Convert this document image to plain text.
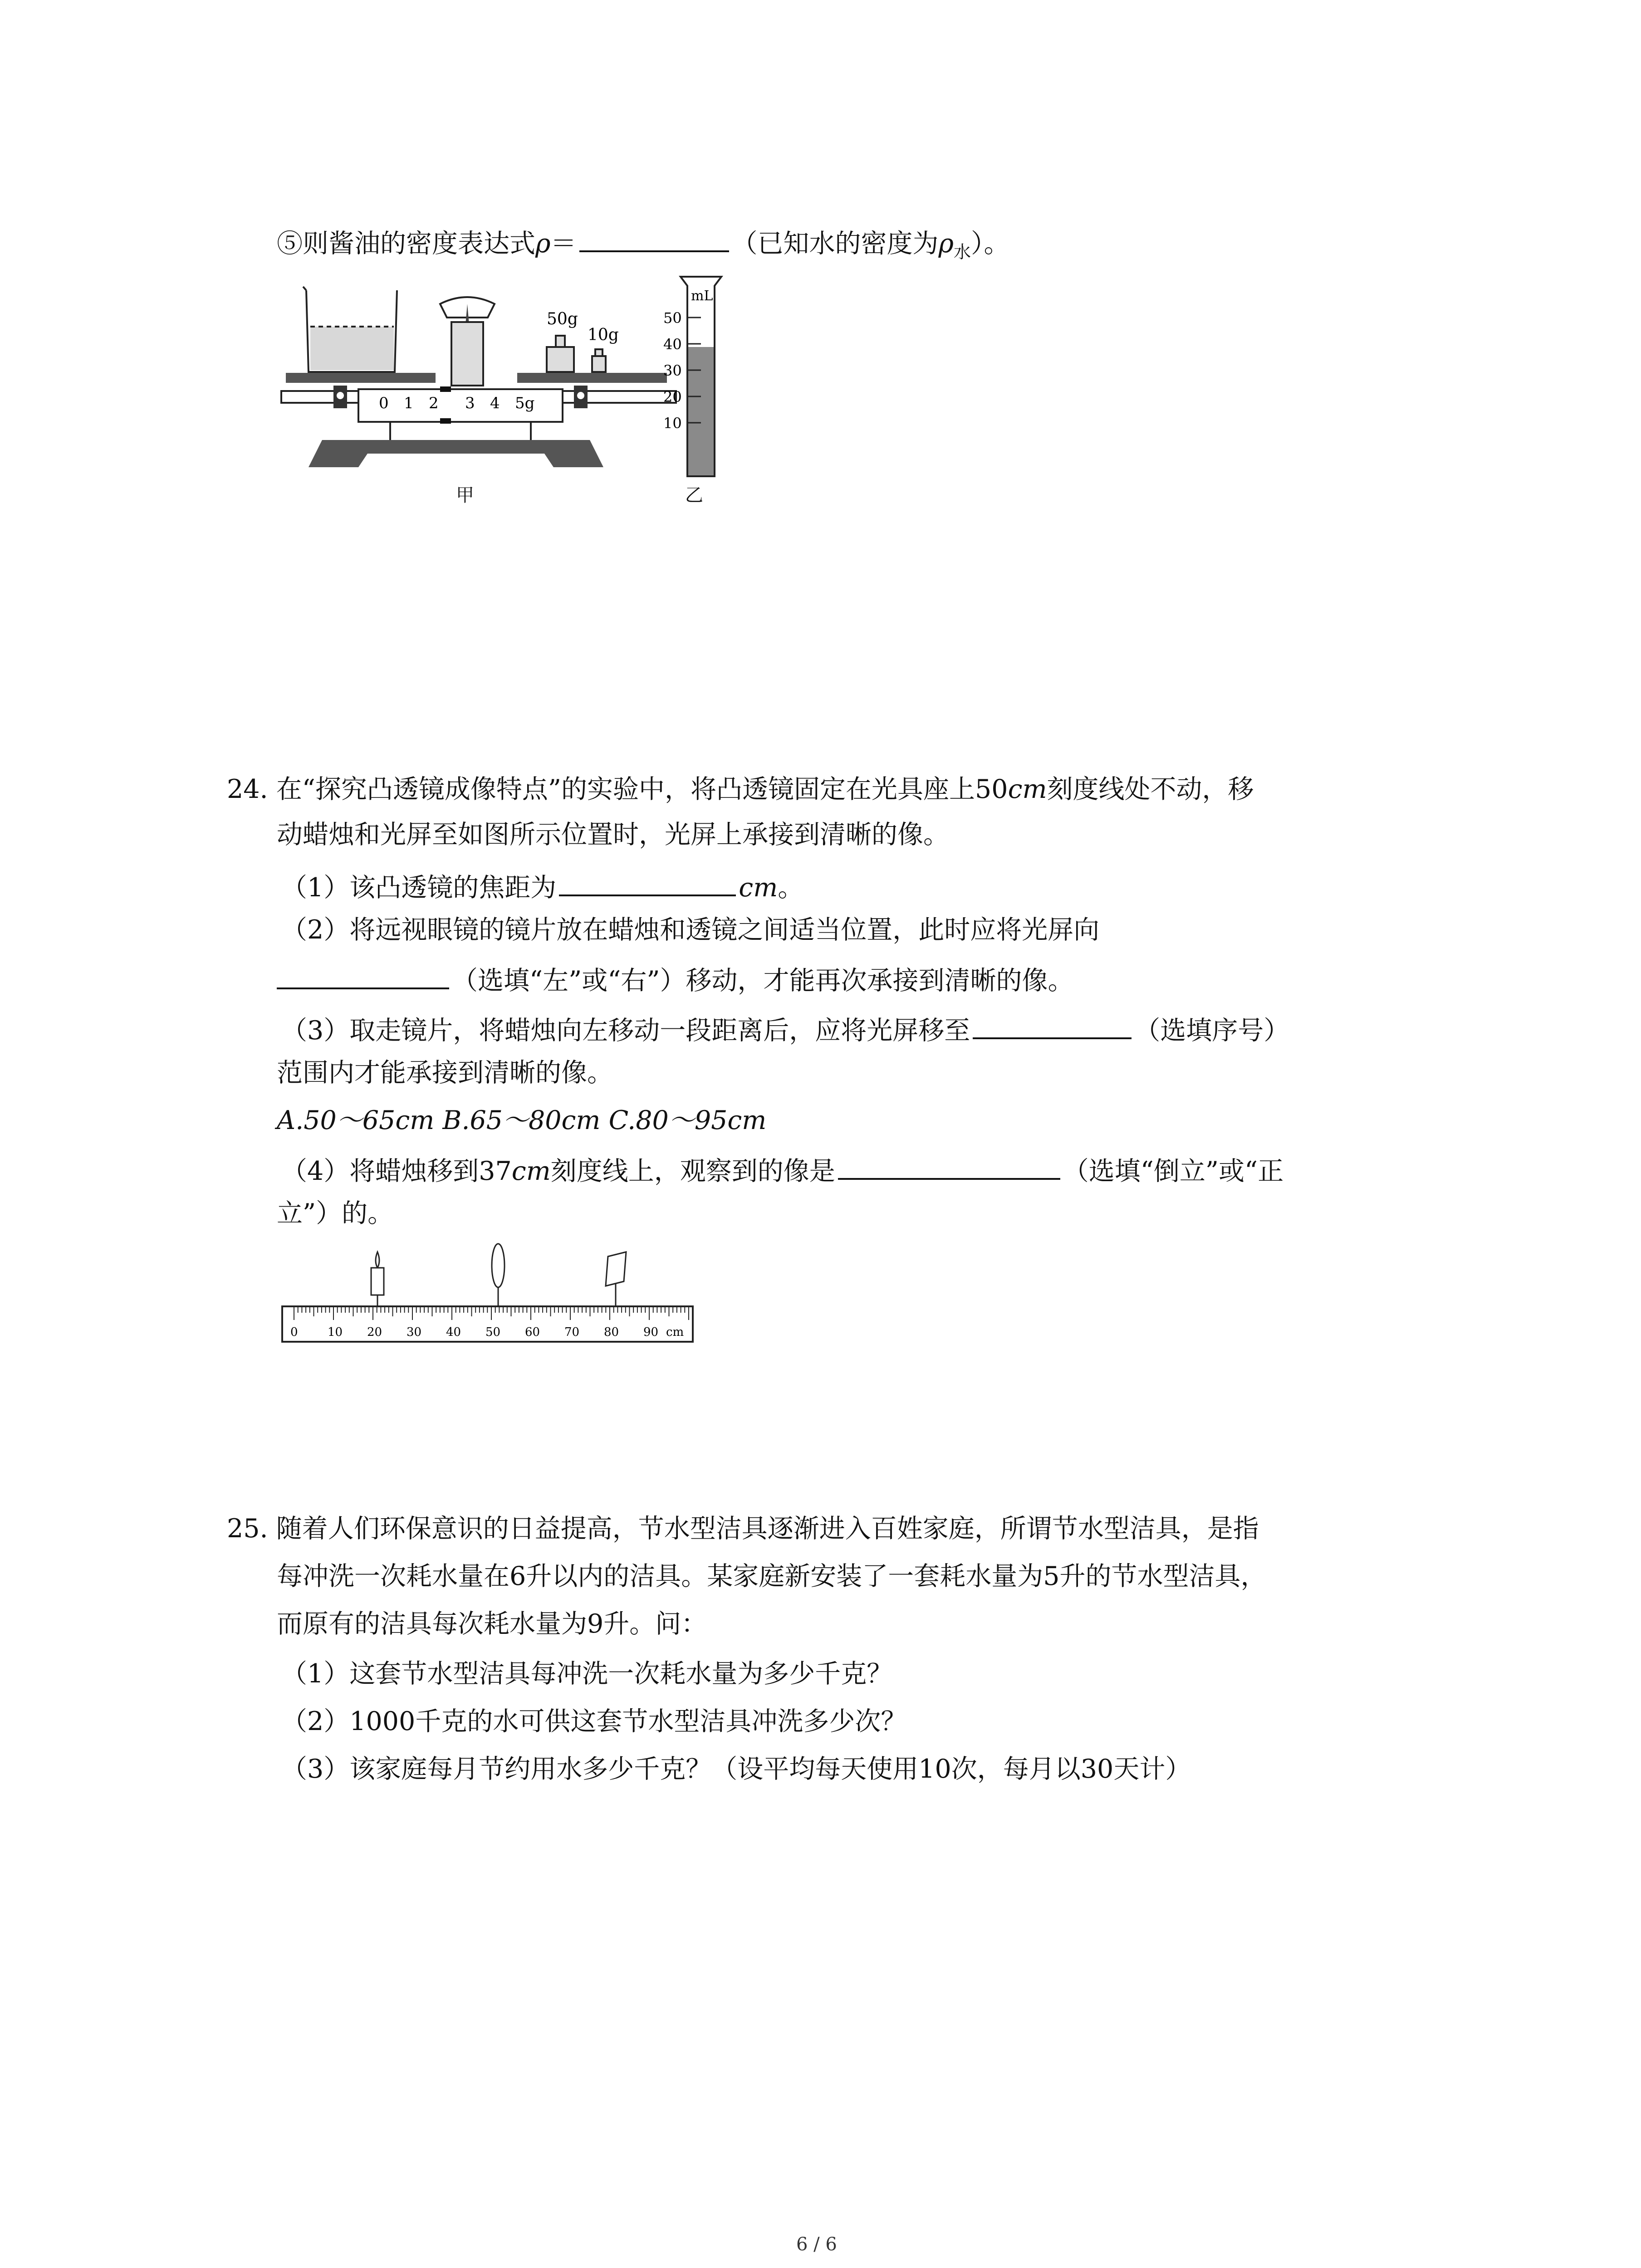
⑤则酱油的密度表达式ρ＝	（已知水的密度为$\rho_水$）。
50g
10g
0 1 2 3 4 5g
mL
50
40
30
20
10
甲	乙
24. 在“探究凸透镜成像特点”的实验中，将凸透镜固定在光具座上50cm刻度线处不动，移
动蜡烛和光屏至如图所示位置时，光屏上承接到清晰的像。
（1）该凸透镜的焦距为	cm。
（2）将远视眼镜的镜片放在蜡烛和透镜之间适当位置，此时应将光屏向
（选填“左”或“右”）移动，才能再次承接到清晰的像。
（3）取走镜片，将蜡烛向左移动一段距离后，应将光屏移至	（选填序号）
范围内才能承接到清晰的像。
A.50～65cm B.65～80cm C.80～95cm
（4）将蜡烛移到37cm刻度线上，观察到的像是	（选填“倒立”或“正
立”）的。
0	10 20 30 40 50 60 70 80 90 cm
25. 随着人们环保意识的日益提高，节水型洁具逐渐进入百姓家庭，所谓节水型洁具，是指
每冲洗一次耗水量在6升以内的洁具。某家庭新安装了一套耗水量为5升的节水型洁具，
而原有的洁具每次耗水量为9升。问：
（1）这套节水型洁具每冲洗一次耗水量为多少千克？
（2）1000千克的水可供这套节水型洁具冲洗多少次？
（3）该家庭每月节约用水多少千克？（设平均每天使用10次，每月以30天计）
6 / 6
